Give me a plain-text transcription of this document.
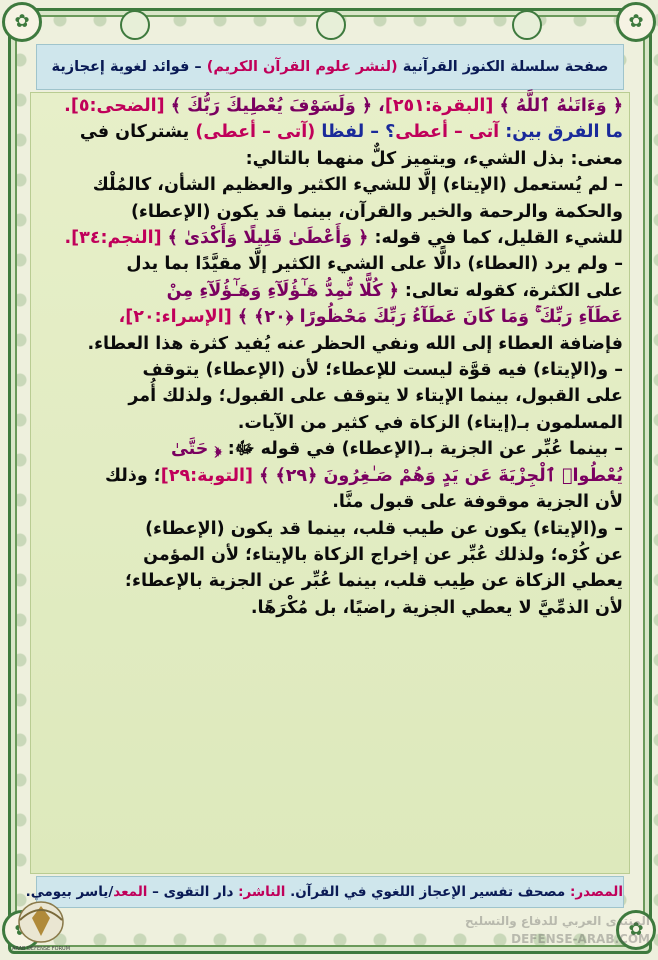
✿
✿
✿
✿
صفحة سلسلة الكنوز القرآنية (لنشر علوم القرآن الكريم) – فوائد لغوية إعجازية

﴿ وَءَاتَىٰهُ ٱللَّهُ ﴾ [البقرة:٢٥١]، ﴿ وَلَسَوْفَ يُعْطِيكَ رَبُّكَ ﴾ [الضحى:٥].

ما الفرق بين: آتى – أعطى؟ – لفظا (آتى – أعطى) يشتركان في

معنى: بذل الشيء، ويتميز كلٌّ منهما بالتالي:

– لم يُستعمل (الإيتاء) إلَّا للشيء الكثير والعظيم الشأن، كالمُلْك

والحكمة والرحمة والخير والقرآن، بينما قد يكون (الإعطاء)

للشيء القليل، كما في قوله: ﴿ وَأَعْطَىٰ قَلِيلًا وَأَكْدَىٰ ﴾ [النجم:٣٤].

– ولم يرد (العطاء) دالًّا على الشيء الكثير إلَّا مقيَّدًا بما يدل

على الكثرة، كقوله تعالى: ﴿ كُلًّا نُّمِدُّ هَـٰٓؤُلَآءِ وَهَـٰٓؤُلَآءِ مِنْ

عَطَآءِ رَبِّكَ ۚ وَمَا كَانَ عَطَآءُ رَبِّكَ مَحْظُورًا ﴿٢٠﴾ ﴾ [الإسراء:٢٠]،

فإضافة العطاء إلى الله ونفي الحظر عنه يُفيد كثرة هذا العطاء.

– و(الإيتاء) فيه قوَّة ليست للإعطاء؛ لأن (الإعطاء) يتوقف

على القبول، بينما الإيتاء لا يتوقف على القبول؛ ولذلك أُمر

المسلمون بـ(إيتاء) الزكاة في كثير من الآيات.

– بينما عُبِّر عن الجزية بـ(الإعطاء) في قوله ﷻ: ﴿ حَتَّىٰ

يُعْطُوا۟ ٱلْجِزْيَةَ عَن يَدٍ وَهُمْ صَـٰغِرُونَ ﴿٢٩﴾ ﴾ [التوبة:٢٩]؛ وذلك

لأن الجزية موقوفة على قبول منَّا.

– و(الإيتاء) يكون عن طيب قلب، بينما قد يكون (الإعطاء)

عن كُرْه؛ ولذلك عُبِّر عن إخراج الزكاة بالإيتاء؛ لأن المؤمن

يعطي الزكاة عن طِيب قلب، بينما عُبِّر عن الجزية بالإعطاء؛

لأن الذمِّيَّ لا يعطي الجزية راضيًا، بل مُكْرَهًا.

المصدر: مصحف تفسير الإعجاز اللغوي في القرآن. الناشر: دار التقوى – المعد/ياسر بيومي.
ARAB DEFENSE FORUM
المنتدى العربي للدفاع والتسليح
DEFENSE-ARAB.COM
